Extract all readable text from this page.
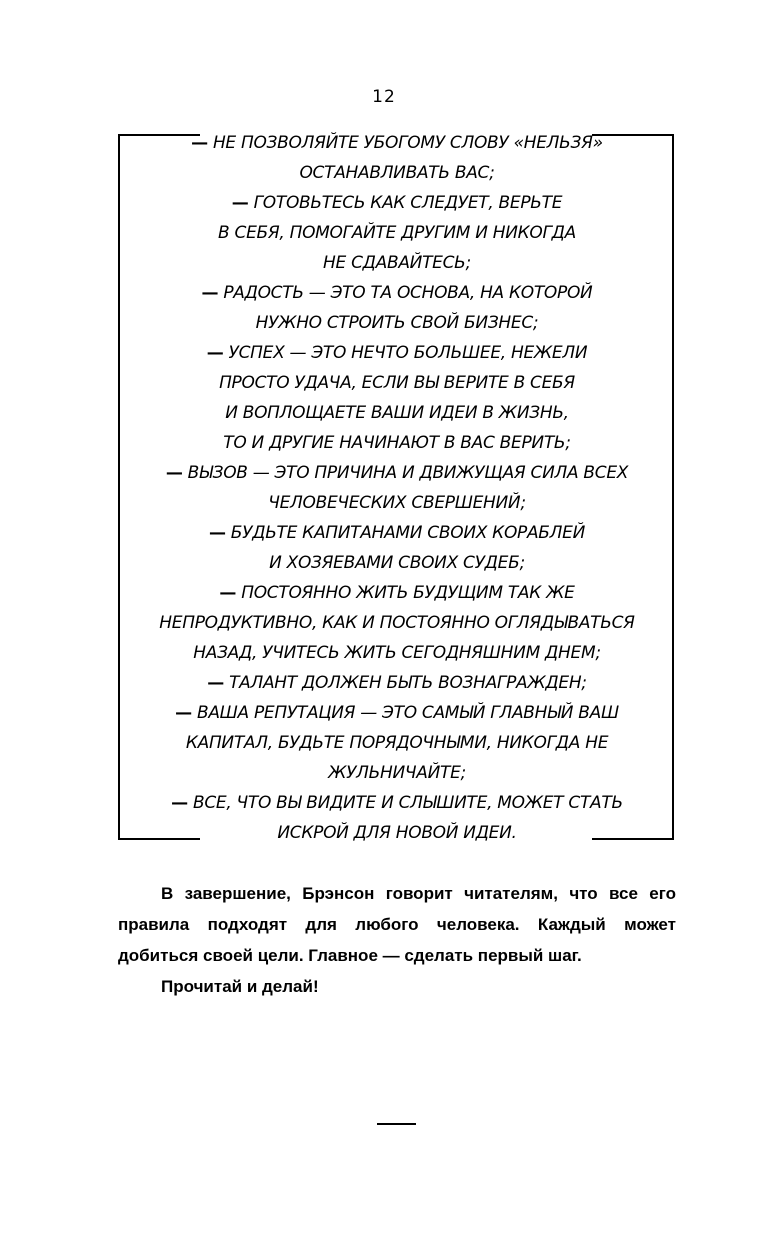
12
— НЕ ПОЗВОЛЯЙТЕ УБОГОМУ СЛОВУ «НЕЛЬЗЯ»
ОСТАНАВЛИВАТЬ ВАС;
— ГОТОВЬТЕСЬ КАК СЛЕДУЕТ, ВЕРЬТЕ
В СЕБЯ, ПОМОГАЙТЕ ДРУГИМ И НИКОГДА
НЕ СДАВАЙТЕСЬ;
— РАДОСТЬ — ЭТО ТА ОСНОВА, НА КОТОРОЙ
НУЖНО СТРОИТЬ СВОЙ БИЗНЕС;
— УСПЕХ — ЭТО НЕЧТО БОЛЬШЕЕ, НЕЖЕЛИ
ПРОСТО УДАЧА, ЕСЛИ ВЫ ВЕРИТЕ В СЕБЯ
И ВОПЛОЩАЕТЕ ВАШИ ИДЕИ В ЖИЗНЬ,
ТО И ДРУГИЕ НАЧИНАЮТ В ВАС ВЕРИТЬ;
— ВЫЗОВ — ЭТО ПРИЧИНА И ДВИЖУЩАЯ СИЛА ВСЕХ
ЧЕЛОВЕЧЕСКИХ СВЕРШЕНИЙ;
— БУДЬТЕ КАПИТАНАМИ СВОИХ КОРАБЛЕЙ
И ХОЗЯЕВАМИ СВОИХ СУДЕБ;
— ПОСТОЯННО ЖИТЬ БУДУЩИМ ТАК ЖЕ
НЕПРОДУКТИВНО, КАК И ПОСТОЯННО ОГЛЯДЫВАТЬСЯ
НАЗАД, УЧИТЕСЬ ЖИТЬ СЕГОДНЯШНИМ ДНЕМ;
— ТАЛАНТ ДОЛЖЕН БЫТЬ ВОЗНАГРАЖДЕН;
— ВАША РЕПУТАЦИЯ — ЭТО САМЫЙ ГЛАВНЫЙ ВАШ
КАПИТАЛ, БУДЬТЕ ПОРЯДОЧНЫМИ, НИКОГДА НЕ
ЖУЛЬНИЧАЙТЕ;
— ВСЕ, ЧТО ВЫ ВИДИТЕ И СЛЫШИТЕ, МОЖЕТ СТАТЬ
ИСКРОЙ ДЛЯ НОВОЙ ИДЕИ.

В завершение, Брэнсон говорит читателям, что все его правила подходят для любого человека. Каждый может добиться своей цели. Главное — сделать первый шаг.

Прочитай и делай!
